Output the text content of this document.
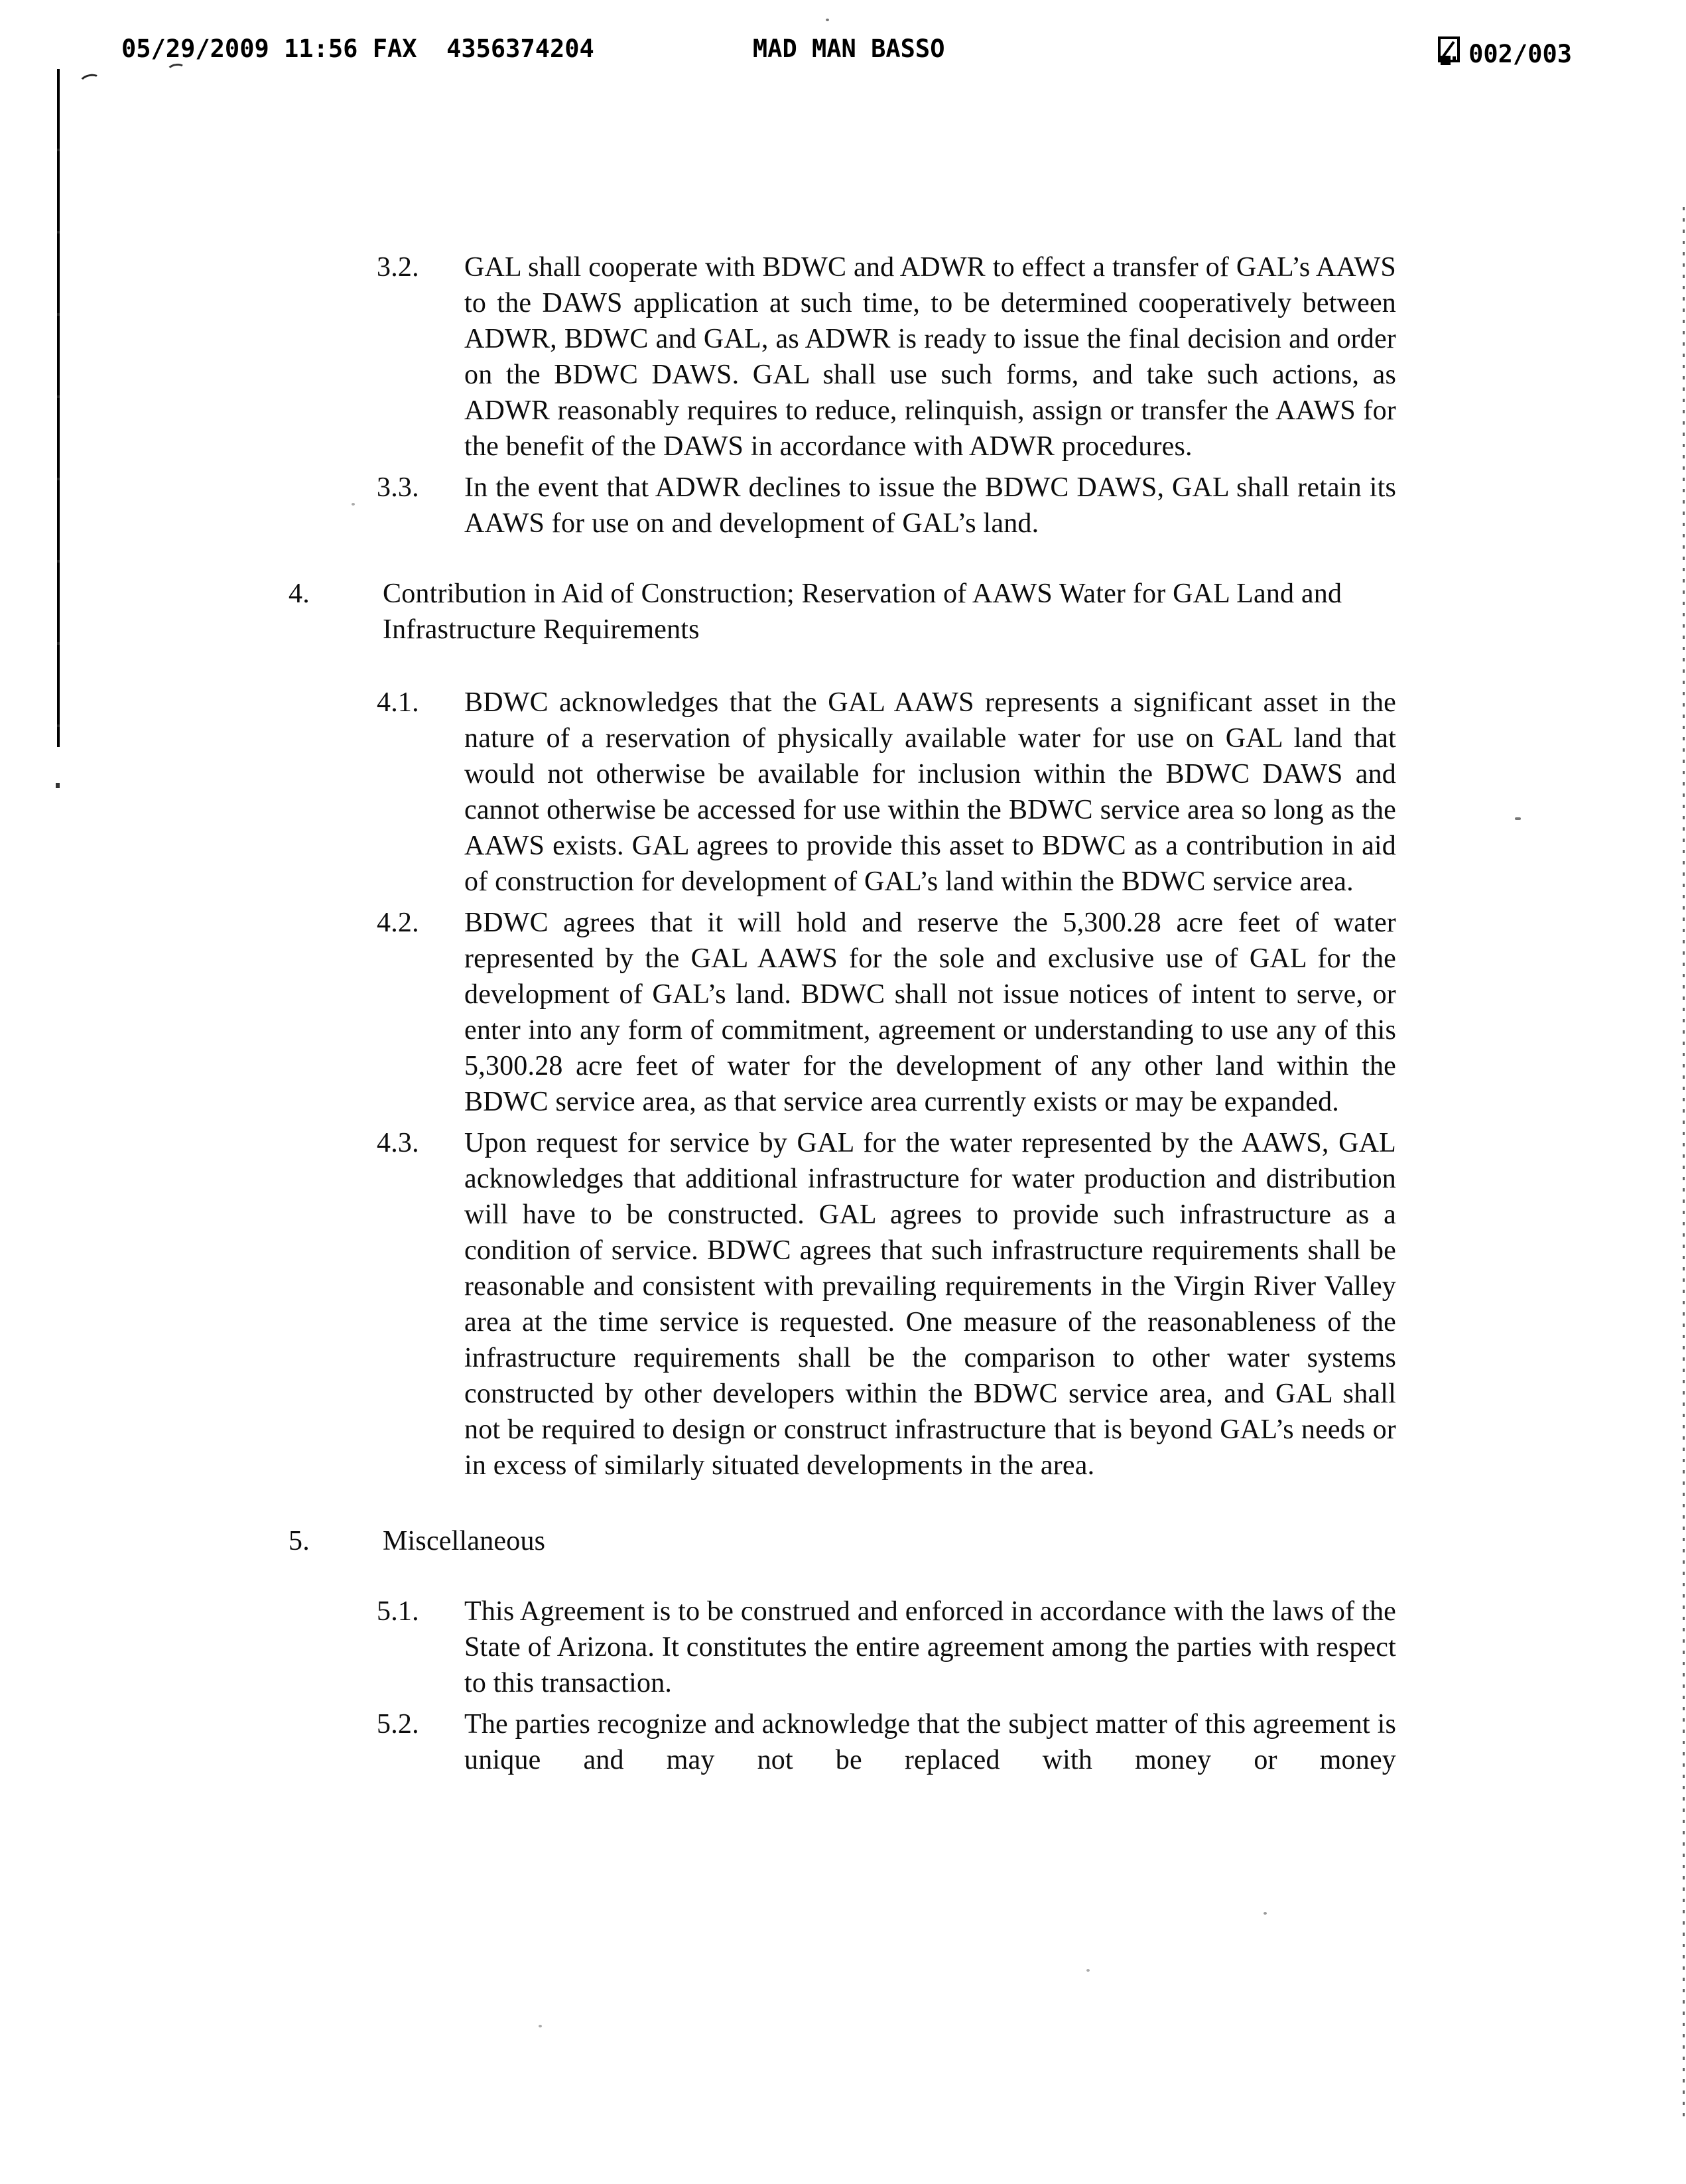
05/29/2009 11:56 FAX  4356374204	MAD MAN BASSO	002/003
3.2.	GAL shall cooperate with BDWC and ADWR to effect a transfer of GAL’s AAWS to the DAWS application at such time, to be determined cooperatively between ADWR, BDWC and GAL, as ADWR is ready to issue the final decision and order on the BDWC DAWS. GAL shall use such forms, and take such actions, as ADWR reasonably requires to reduce, relinquish, assign or transfer the AAWS for the benefit of the DAWS in accordance with ADWR procedures.
3.3.	In the event that ADWR declines to issue the BDWC DAWS, GAL shall retain its AAWS for use on and development of GAL’s land.
4.	Contribution in Aid of Construction; Reservation of AAWS Water for GAL Land and Infrastructure Requirements
4.1.	BDWC acknowledges that the GAL AAWS represents a significant asset in the nature of a reservation of physically available water for use on GAL land that would not otherwise be available for inclusion within the BDWC DAWS and cannot otherwise be accessed for use within the BDWC service area so long as the AAWS exists. GAL agrees to provide this asset to BDWC as a contribution in aid of construction for development of GAL’s land within the BDWC service area.
4.2.	BDWC agrees that it will hold and reserve the 5,300.28 acre feet of water represented by the GAL AAWS for the sole and exclusive use of GAL for the development of GAL’s land. BDWC shall not issue notices of intent to serve, or enter into any form of commitment, agreement or understanding to use any of this 5,300.28 acre feet of water for the development of any other land within the BDWC service area, as that service area currently exists or may be expanded.
4.3.	Upon request for service by GAL for the water represented by the AAWS, GAL acknowledges that additional infrastructure for water production and distribution will have to be constructed. GAL agrees to provide such infrastructure as a condition of service. BDWC agrees that such infrastructure requirements shall be reasonable and consistent with prevailing requirements in the Virgin River Valley area at the time service is requested. One measure of the reasonableness of the infrastructure requirements shall be the comparison to other water systems constructed by other developers within the BDWC service area, and GAL shall not be required to design or construct infrastructure that is beyond GAL’s needs or in excess of similarly situated developments in the area.
5.	Miscellaneous
5.1.	This Agreement is to be construed and enforced in accordance with the laws of the State of Arizona. It constitutes the entire agreement among the parties with respect to this transaction.
5.2.	The parties recognize and acknowledge that the subject matter of this agreement is unique and may not be replaced with money or money
